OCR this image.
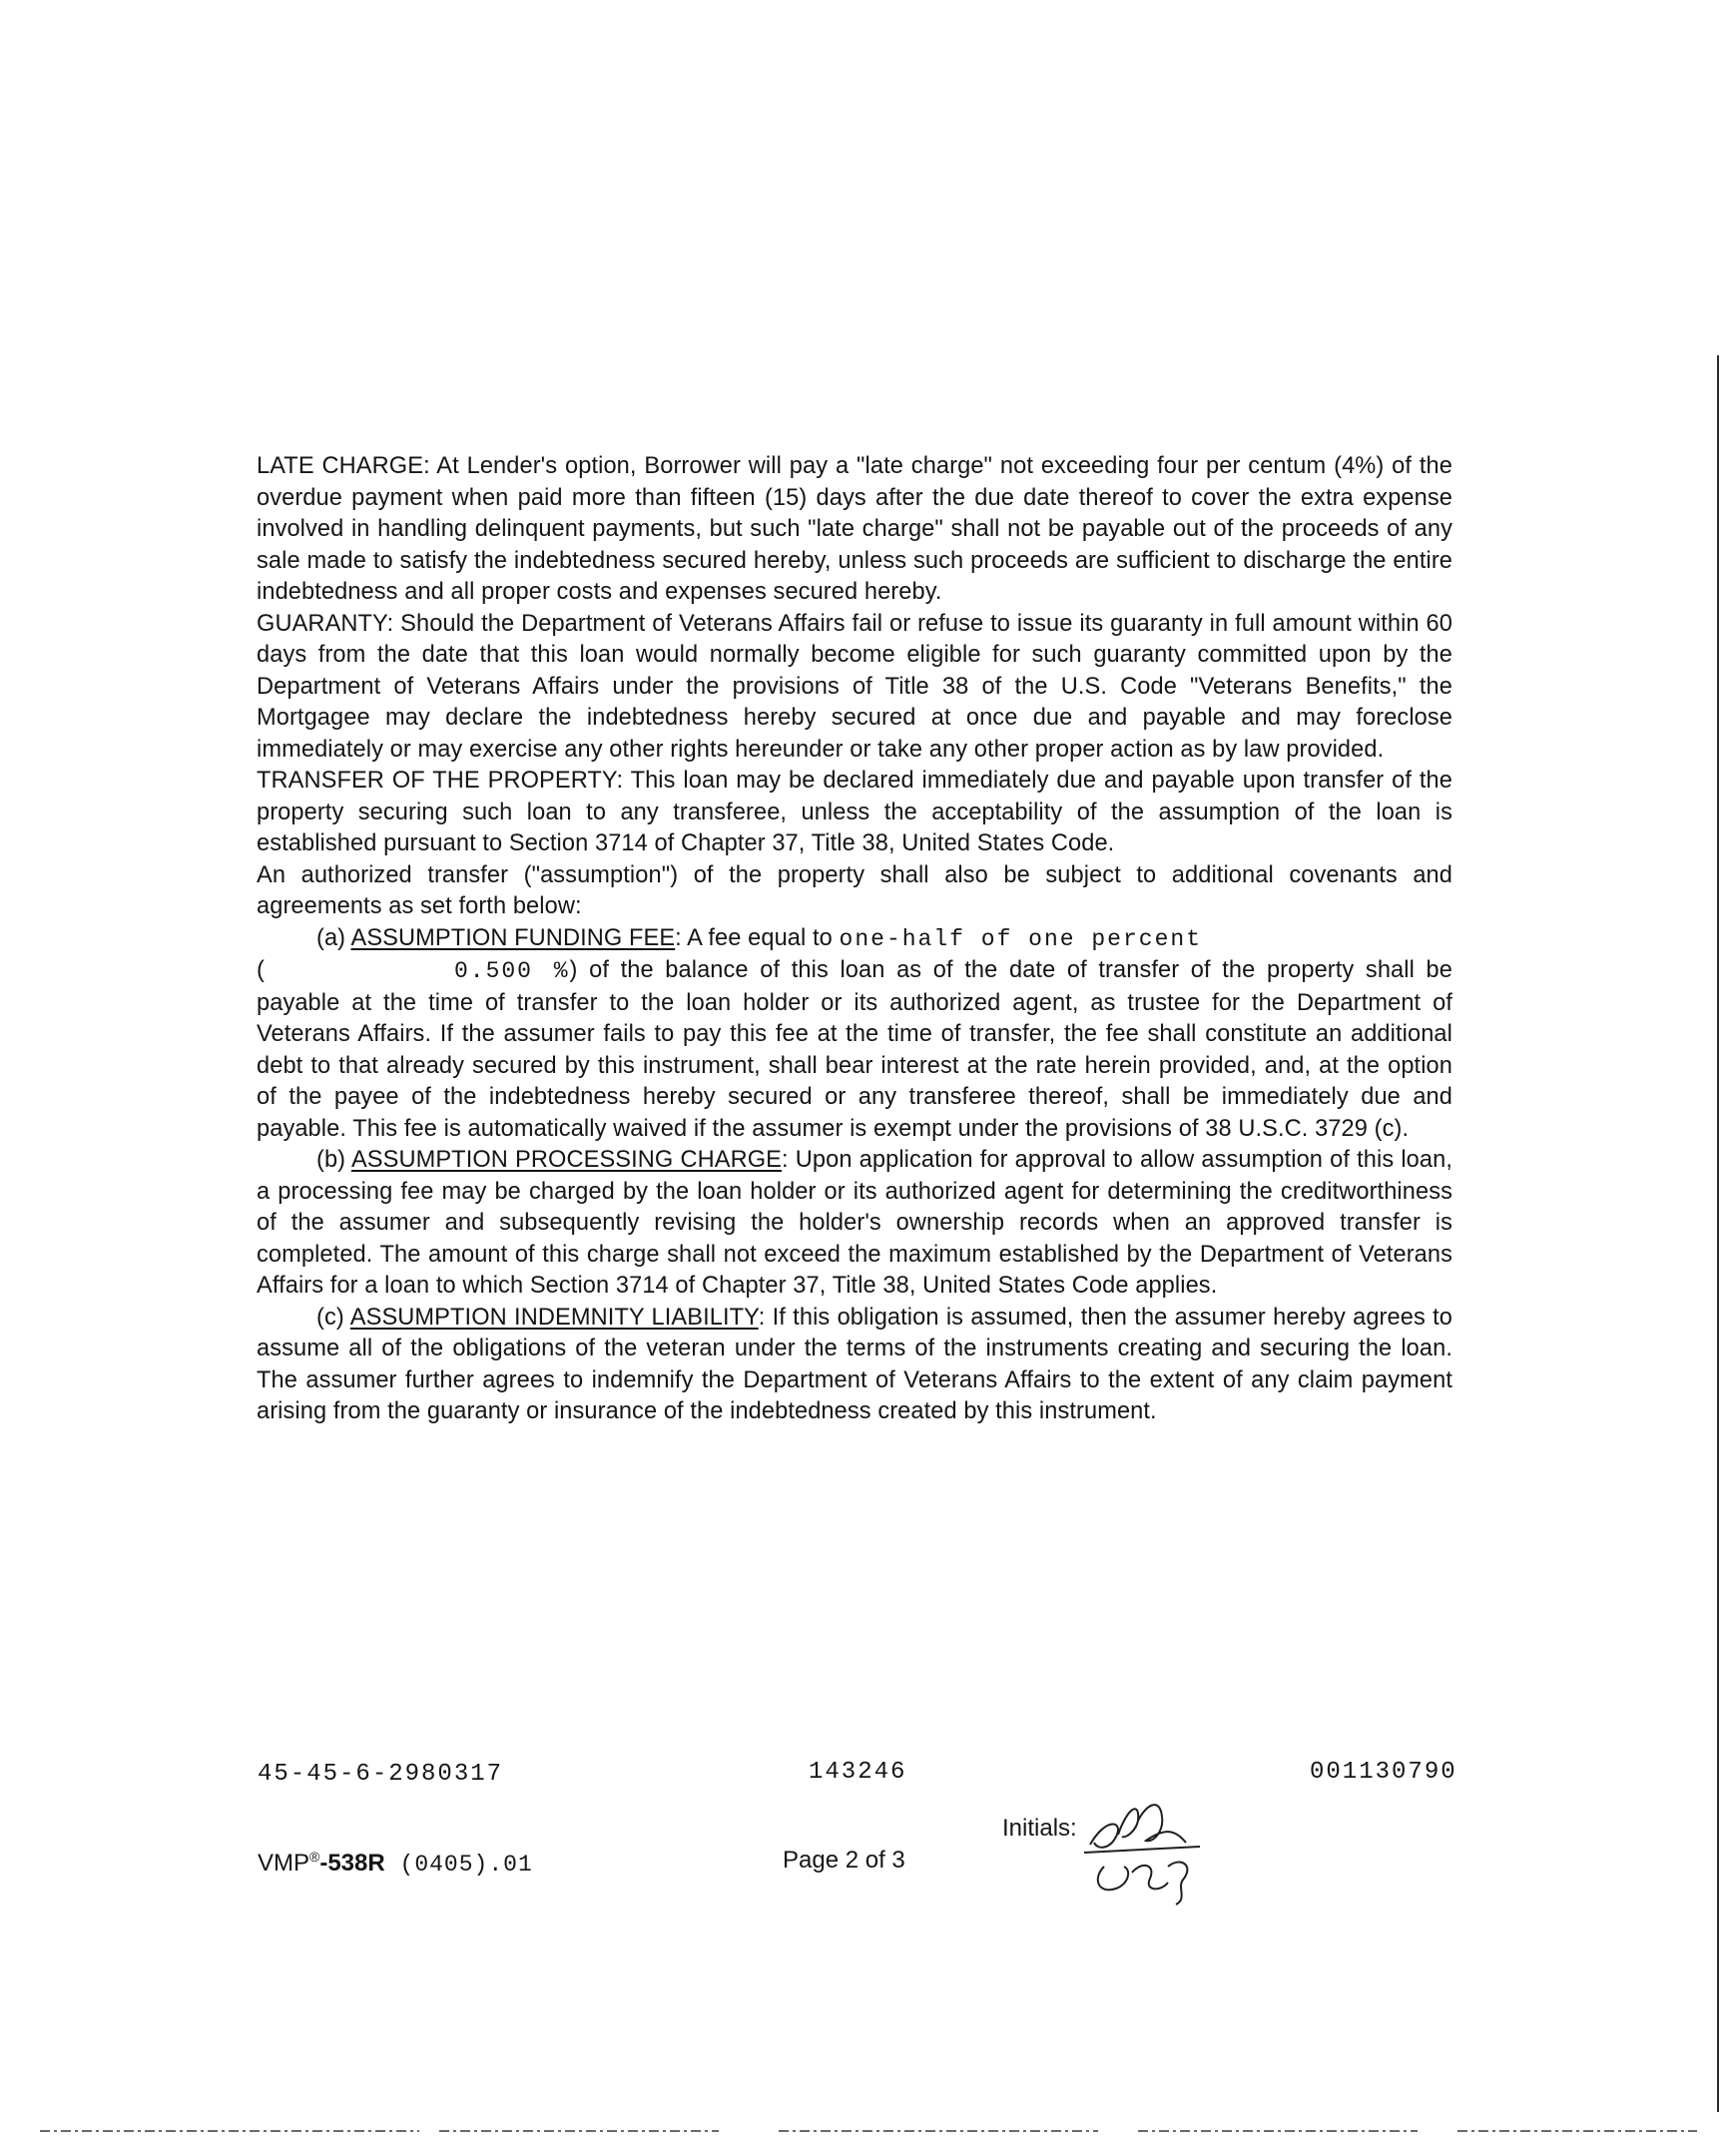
LATE CHARGE: At Lender's option, Borrower will pay a "late charge" not exceeding four per centum (4%) of the overdue payment when paid more than fifteen (15) days after the due date thereof to cover the extra expense involved in handling delinquent payments, but such "late charge" shall not be payable out of the proceeds of any sale made to satisfy the indebtedness secured hereby, unless such proceeds are sufficient to discharge the entire indebtedness and all proper costs and expenses secured hereby.

GUARANTY: Should the Department of Veterans Affairs fail or refuse to issue its guaranty in full amount within 60 days from the date that this loan would normally become eligible for such guaranty committed upon by the Department of Veterans Affairs under the provisions of Title 38 of the U.S. Code "Veterans Benefits," the Mortgagee may declare the indebtedness hereby secured at once due and payable and may foreclose immediately or may exercise any other rights hereunder or take any other proper action as by law provided.

TRANSFER OF THE PROPERTY: This loan may be declared immediately due and payable upon transfer of the property securing such loan to any transferee, unless the acceptability of the assumption of the loan is established pursuant to Section 3714 of Chapter 37, Title 38, United States Code.

An authorized transfer ("assumption") of the property shall also be subject to additional covenants and agreements as set forth below:

(a) ASSUMPTION FUNDING FEE: A fee equal to one-half of one percent

(	0.500 %) of the balance of this loan as of the date of transfer of the property shall be payable at the time of transfer to the loan holder or its authorized agent, as trustee for the Department of Veterans Affairs. If the assumer fails to pay this fee at the time of transfer, the fee shall constitute an additional debt to that already secured by this instrument, shall bear interest at the rate herein provided, and, at the option of the payee of the indebtedness hereby secured or any transferee thereof, shall be immediately due and payable. This fee is automatically waived if the assumer is exempt under the provisions of 38 U.S.C. 3729 (c).

(b) ASSUMPTION PROCESSING CHARGE: Upon application for approval to allow assumption of this loan, a processing fee may be charged by the loan holder or its authorized agent for determining the creditworthiness of the assumer and subsequently revising the holder's ownership records when an approved transfer is completed. The amount of this charge shall not exceed the maximum established by the Department of Veterans Affairs for a loan to which Section 3714 of Chapter 37, Title 38, United States Code applies.

(c) ASSUMPTION INDEMNITY LIABILITY: If this obligation is assumed, then the assumer hereby agrees to assume all of the obligations of the veteran under the terms of the instruments creating and securing the loan. The assumer further agrees to indemnify the Department of Veterans Affairs to the extent of any claim payment arising from the guaranty or insurance of the indebtedness created by this instrument.

45-45-6-2980317	143246	001130790
VMP®-538R (0405).01	Page 2 of 3
Initials:
